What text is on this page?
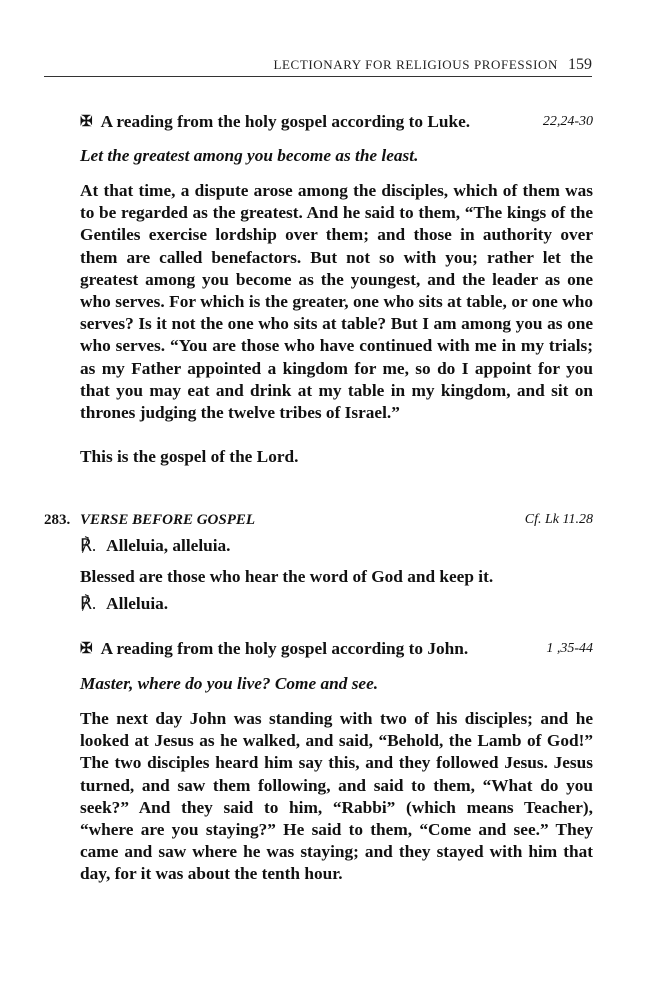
LECTIONARY FOR RELIGIOUS PROFESSION 159
✠ A reading from the holy gospel according to Luke.	22,24-30
Let the greatest among you become as the least.
At that time, a dispute arose among the disciples, which of them was to be regarded as the greatest. And he said to them, “The kings of the Gentiles exercise lordship over them; and those in authority over them are called benefactors. But not so with you; rather let the greatest among you become as the youngest, and the leader as one who serves. For which is the greater, one who sits at table, or one who serves? Is it not the one who sits at table? But I am among you as one who serves. “You are those who have continued with me in my trials; as my Father appointed a kingdom for me, so do I appoint for you that you may eat and drink at my table in my kingdom, and sit on thrones judging the twelve tribes of Israel.”
This is the gospel of the Lord.
283. VERSE BEFORE GOSPEL	Cf. Lk 11.28
℟. Alleluia, alleluia.
Blessed are those who hear the word of God and keep it.
℟. Alleluia.
✠ A reading from the holy gospel according to John.	1 ,35-44
Master, where do you live? Come and see.
The next day John was standing with two of his disciples; and he looked at Jesus as he walked, and said, “Behold, the Lamb of God!” The two disciples heard him say this, and they followed Jesus. Jesus turned, and saw them following, and said to them, “What do you seek?” And they said to him, “Rabbi” (which means Teacher), “where are you staying?” He said to them, “Come and see.” They came and saw where he was staying; and they stayed with him that day, for it was about the tenth hour.
